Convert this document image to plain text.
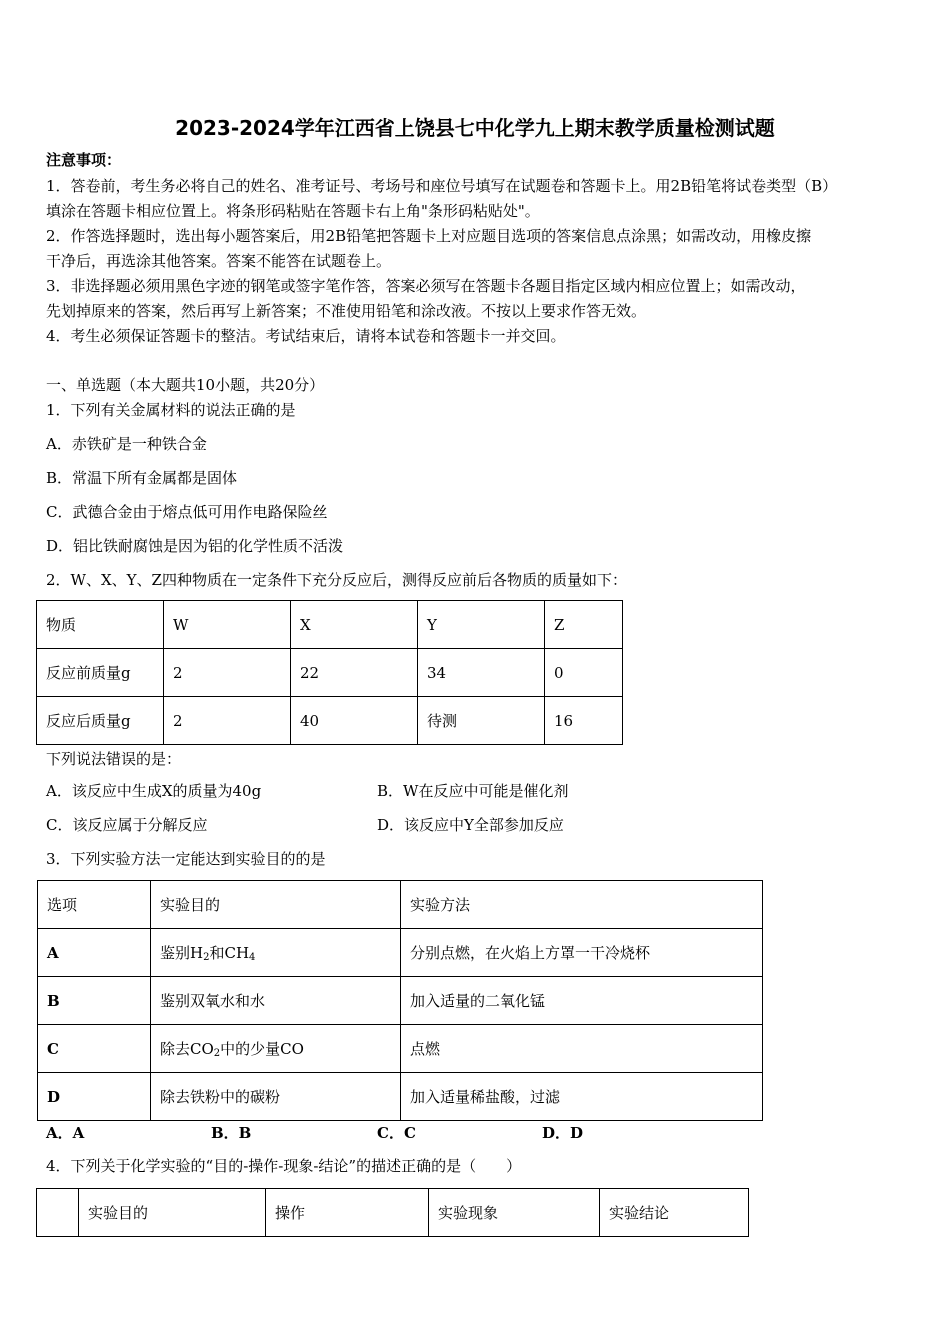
2023-2024学年江西省上饶县七中化学九上期末教学质量检测试题
注意事项：
1．答卷前，考生务必将自己的姓名、准考证号、考场号和座位号填写在试题卷和答题卡上。用2B铅笔将试卷类型（B）
填涂在答题卡相应位置上。将条形码粘贴在答题卡右上角"条形码粘贴处"。
2．作答选择题时，选出每小题答案后，用2B铅笔把答题卡上对应题目选项的答案信息点涂黑；如需改动，用橡皮擦
干净后，再选涂其他答案。答案不能答在试题卷上。
3．非选择题必须用黑色字迹的钢笔或签字笔作答，答案必须写在答题卡各题目指定区域内相应位置上；如需改动，
先划掉原来的答案，然后再写上新答案；不准使用铅笔和涂改液。不按以上要求作答无效。
4．考生必须保证答题卡的整洁。考试结束后，请将本试卷和答题卡一并交回。
一、单选题（本大题共10小题，共20分）
1．下列有关金属材料的说法正确的是
A．赤铁矿是一种铁合金
B．常温下所有金属都是固体
C．武德合金由于熔点低可用作电路保险丝
D．铝比铁耐腐蚀是因为铝的化学性质不活泼
2．W、X、Y、Z四种物质在一定条件下充分反应后，测得反应前后各物质的质量如下：
物质	W	X	Y	Z
反应前质量g	2	22	34	0
反应后质量g	2	40	待测	16
下列说法错误的是：
A．该反应中生成X的质量为40g	B．W在反应中可能是催化剂
C．该反应属于分解反应	D．该反应中Y全部参加反应
3．下列实验方法一定能达到实验目的的是
选项	实验目的	实验方法
A	鉴别$H_2$和$CH_4$	分别点燃，在火焰上方罩一干冷烧杯
B	鉴别双氧水和水	加入适量的二氧化锰
C	除去$CO_2$中的少量CO	点燃
D	除去铁粉中的碳粉	加入适量稀盐酸，过滤
A．A	B．B	C．C	D．D
4．下列关于化学实验的“目的-操作-现象-结论”的描述正确的是（　　）
	实验目的	操作	实验现象	实验结论
